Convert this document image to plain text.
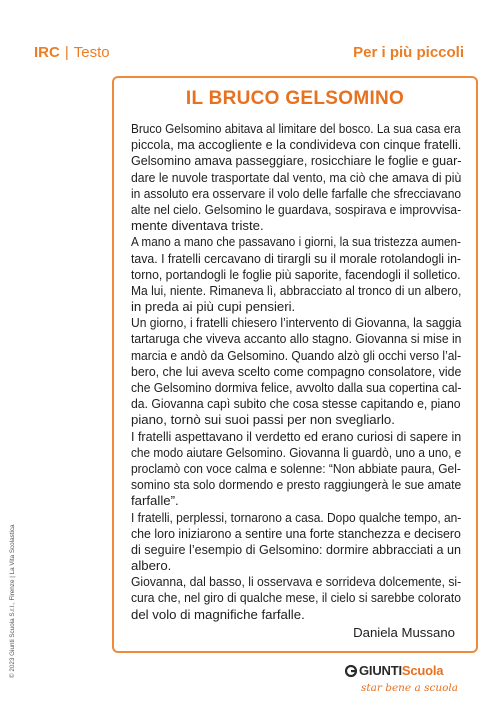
IRC | Testo	Per i più piccoli
IL BRUCO GELSOMINO
Bruco Gelsomino abitava al limitare del bosco. La sua casa era
piccola, ma accogliente e la condivideva con cinque fratelli.
Gelsomino amava passeggiare, rosicchiare le foglie e guar-
dare le nuvole trasportate dal vento, ma ciò che amava di più
in assoluto era osservare il volo delle farfalle che sfrecciavano
alte nel cielo. Gelsomino le guardava, sospirava e improvvisa-
mente diventava triste.
A mano a mano che passavano i giorni, la sua tristezza aumen-
tava. I fratelli cercavano di tirargli su il morale rotolandogli in-
torno, portandogli le foglie più saporite, facendogli il solletico.
Ma lui, niente. Rimaneva lì, abbracciato al tronco di un albero,
in preda ai più cupi pensieri.
Un giorno, i fratelli chiesero l’intervento di Giovanna, la saggia
tartaruga che viveva accanto allo stagno. Giovanna si mise in
marcia e andò da Gelsomino. Quando alzò gli occhi verso l’al-
bero, che lui aveva scelto come compagno consolatore, vide
che Gelsomino dormiva felice, avvolto dalla sua copertina cal-
da. Giovanna capì subito che cosa stesse capitando e, piano
piano, tornò sui suoi passi per non svegliarlo.
I fratelli aspettavano il verdetto ed erano curiosi di sapere in
che modo aiutare Gelsomino. Giovanna li guardò, uno a uno, e
proclamò con voce calma e solenne: “Non abbiate paura, Gel-
somino sta solo dormendo e presto raggiungerà le sue amate
farfalle”.
I fratelli, perplessi, tornarono a casa. Dopo qualche tempo, an-
che loro iniziarono a sentire una forte stanchezza e decisero
di seguire l’esempio di Gelsomino: dormire abbracciati a un
albero.
Giovanna, dal basso, li osservava e sorrideva dolcemente, si-
cura che, nel giro di qualche mese, il cielo si sarebbe colorato
del volo di magnifiche farfalle.
Daniela Mussano
© 2023 Giunti Scuola S.r.l., Firenze | La Vita Scolastica	GIUNTIScuola
star bene a scuola
